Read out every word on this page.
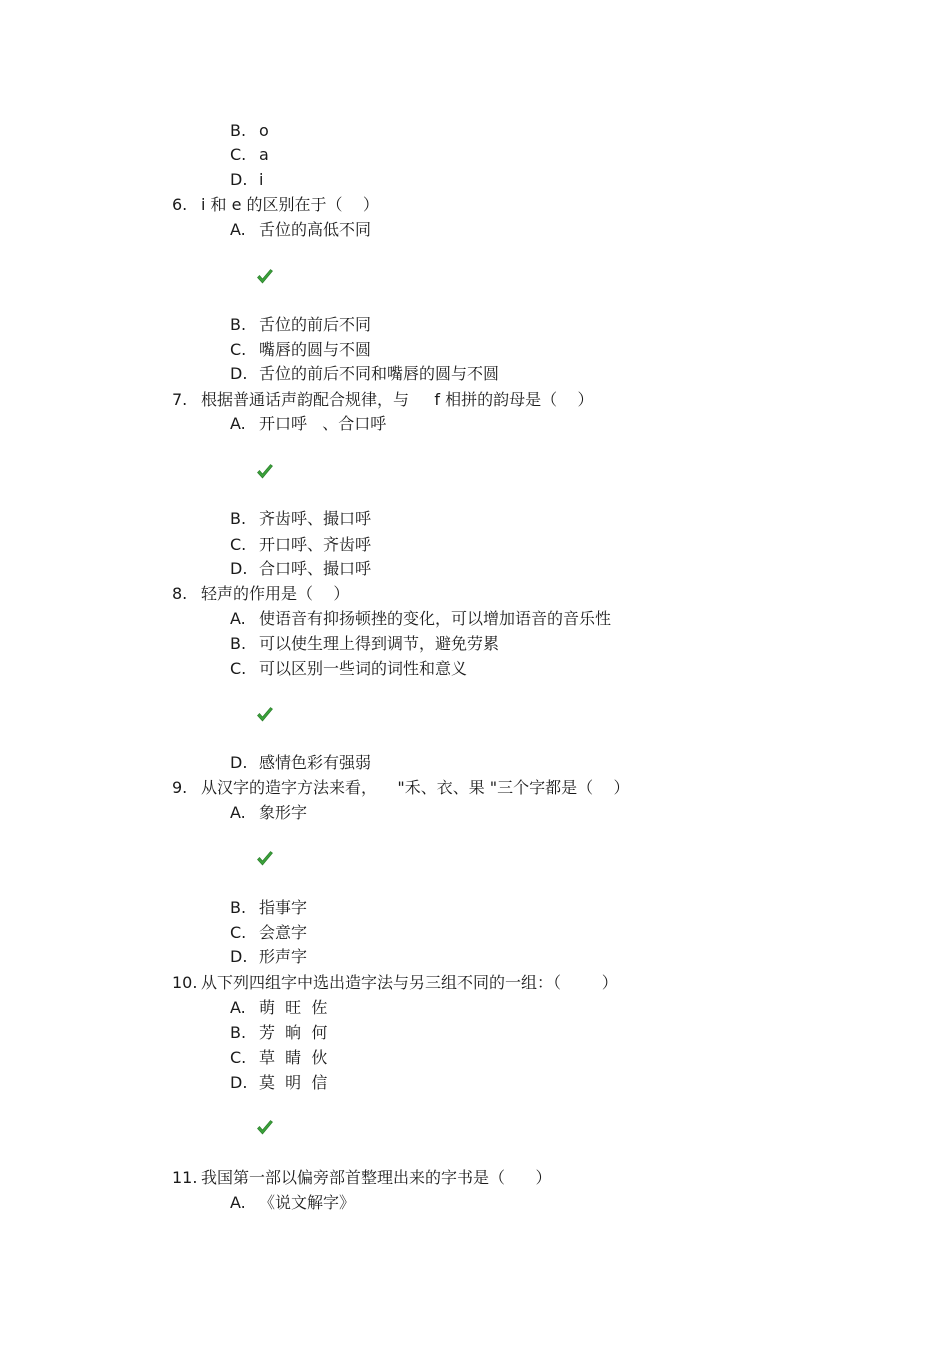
B. o
C. a
D. i
6. i 和 e 的区别在于（    ）
A. 舌位的高低不同
B. 舌位的前后不同
C. 嘴唇的圆与不圆
D. 舌位的前后不同和嘴唇的圆与不圆
7. 根据普通话声韵配合规律，与     f 相拼的韵母是（    ）
A. 开口呼   、合口呼
B. 齐齿呼、撮口呼
C. 开口呼、齐齿呼
D. 合口呼、撮口呼
8. 轻声的作用是（    ）
A. 使语音有抑扬顿挫的变化，可以增加语音的音乐性
B. 可以使生理上得到调节，避免劳累
C. 可以区别一些词的词性和意义
D. 感情色彩有强弱
9. 从汉字的造字方法来看，    "禾、衣、果 "三个字都是（    ）
A. 象形字
B. 指事字
C. 会意字
D. 形声字
10. 从下列四组字中选出造字法与另三组不同的一组：（        ）
A. 萌  旺  佐
B. 芳  晌  何
C. 草  睛  伙
D. 莫  明  信
11. 我国第一部以偏旁部首整理出来的字书是（      ）
A. 《说文解字》
